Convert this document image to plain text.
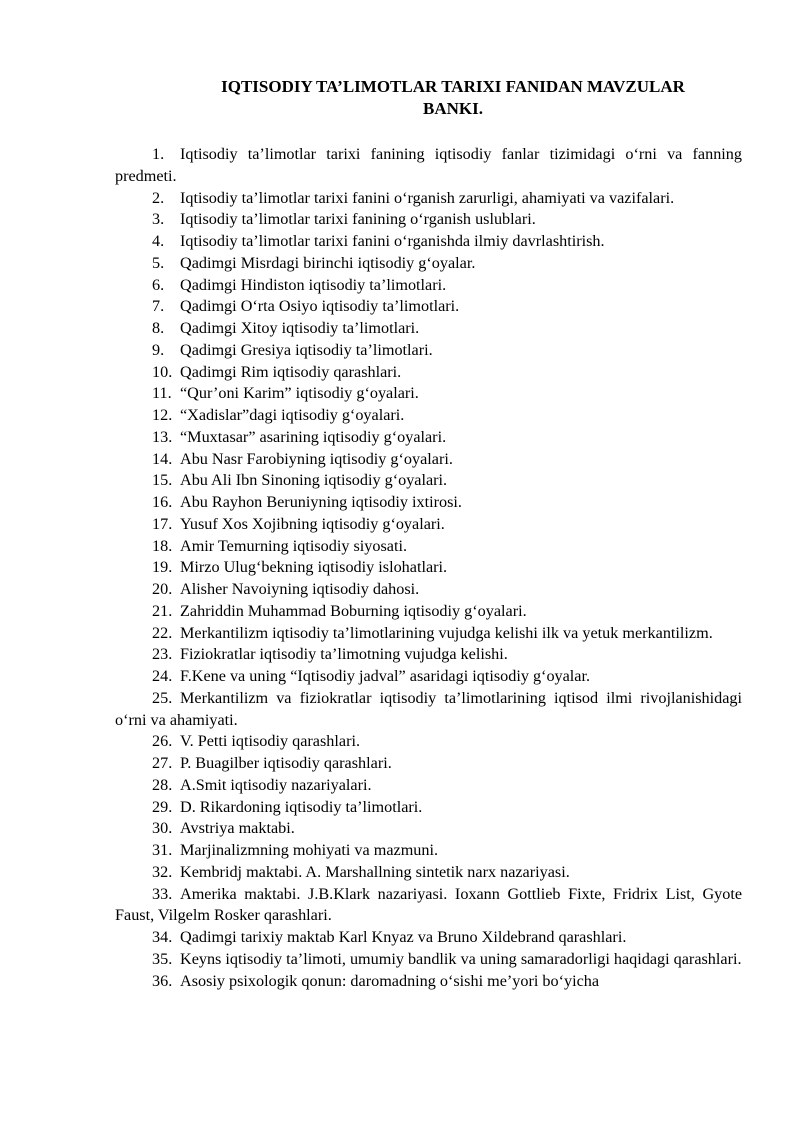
IQTISODIY TA’LIMOTLAR TARIXI FANIDAN MAVZULAR
BANKI.

1. Iqtisodiy ta’limotlar tarixi fanining iqtisodiy fanlar tizimidagi o‘rni va fanning predmeti.

2. Iqtisodiy ta’limotlar tarixi fanini o‘rganish zarurligi, ahamiyati va vazifalari.

3. Iqtisodiy ta’limotlar tarixi fanining o‘rganish uslublari.

4. Iqtisodiy ta’limotlar tarixi fanini o‘rganishda ilmiy davrlashtirish.

5. Qadimgi Misrdagi birinchi iqtisodiy g‘oyalar.

6. Qadimgi Hindiston iqtisodiy ta’limotlari.

7. Qadimgi O‘rta Osiyo iqtisodiy ta’limotlari.

8. Qadimgi Xitoy iqtisodiy ta’limotlari.

9. Qadimgi Gresiya iqtisodiy ta’limotlari.

10. Qadimgi Rim iqtisodiy qarashlari.

11. “Qur’oni Karim” iqtisodiy g‘oyalari.

12. “Xadislar”dagi iqtisodiy g‘oyalari.

13. “Muxtasar” asarining iqtisodiy g‘oyalari.

14. Abu Nasr Farobiyning iqtisodiy g‘oyalari.

15. Abu Ali Ibn Sinoning iqtisodiy g‘oyalari.

16. Abu Rayhon Beruniyning iqtisodiy ixtirosi.

17. Yusuf Xos Xojibning iqtisodiy g‘oyalari.

18. Amir Temurning iqtisodiy siyosati.

19. Mirzo Ulug‘bekning iqtisodiy islohatlari.

20. Alisher Navoiyning iqtisodiy dahosi.

21. Zahriddin Muhammad Boburning iqtisodiy g‘oyalari.

22. Merkantilizm iqtisodiy ta’limotlarining vujudga kelishi ilk va yetuk merkantilizm.

23. Fiziokratlar iqtisodiy ta’limotning vujudga kelishi.

24. F.Kene va uning “Iqtisodiy jadval” asaridagi iqtisodiy g‘oyalar.

25. Merkantilizm va fiziokratlar iqtisodiy ta’limotlarining iqtisod ilmi rivojlanishidagi o‘rni va ahamiyati.

26. V. Petti iqtisodiy qarashlari.

27. P. Buagilber iqtisodiy qarashlari.

28. A.Smit iqtisodiy nazariyalari.

29. D. Rikardoning iqtisodiy ta’limotlari.

30. Avstriya maktabi.

31. Marjinalizmning mohiyati va mazmuni.

32. Kembridj maktabi. A. Marshallning sintetik narx nazariyasi.

33. Amerika maktabi. J.B.Klark nazariyasi. Ioxann Gottlieb Fixte, Fridrix List, Gyote Faust, Vilgelm Rosker qarashlari.

34. Qadimgi tarixiy maktab Karl Knyaz va Bruno Xildebrand qarashlari.

35. Keyns iqtisodiy ta’limoti, umumiy bandlik va uning samaradorligi haqidagi qarashlari.

36. Asosiy psixologik qonun: daromadning o‘sishi me’yori bo‘yicha
